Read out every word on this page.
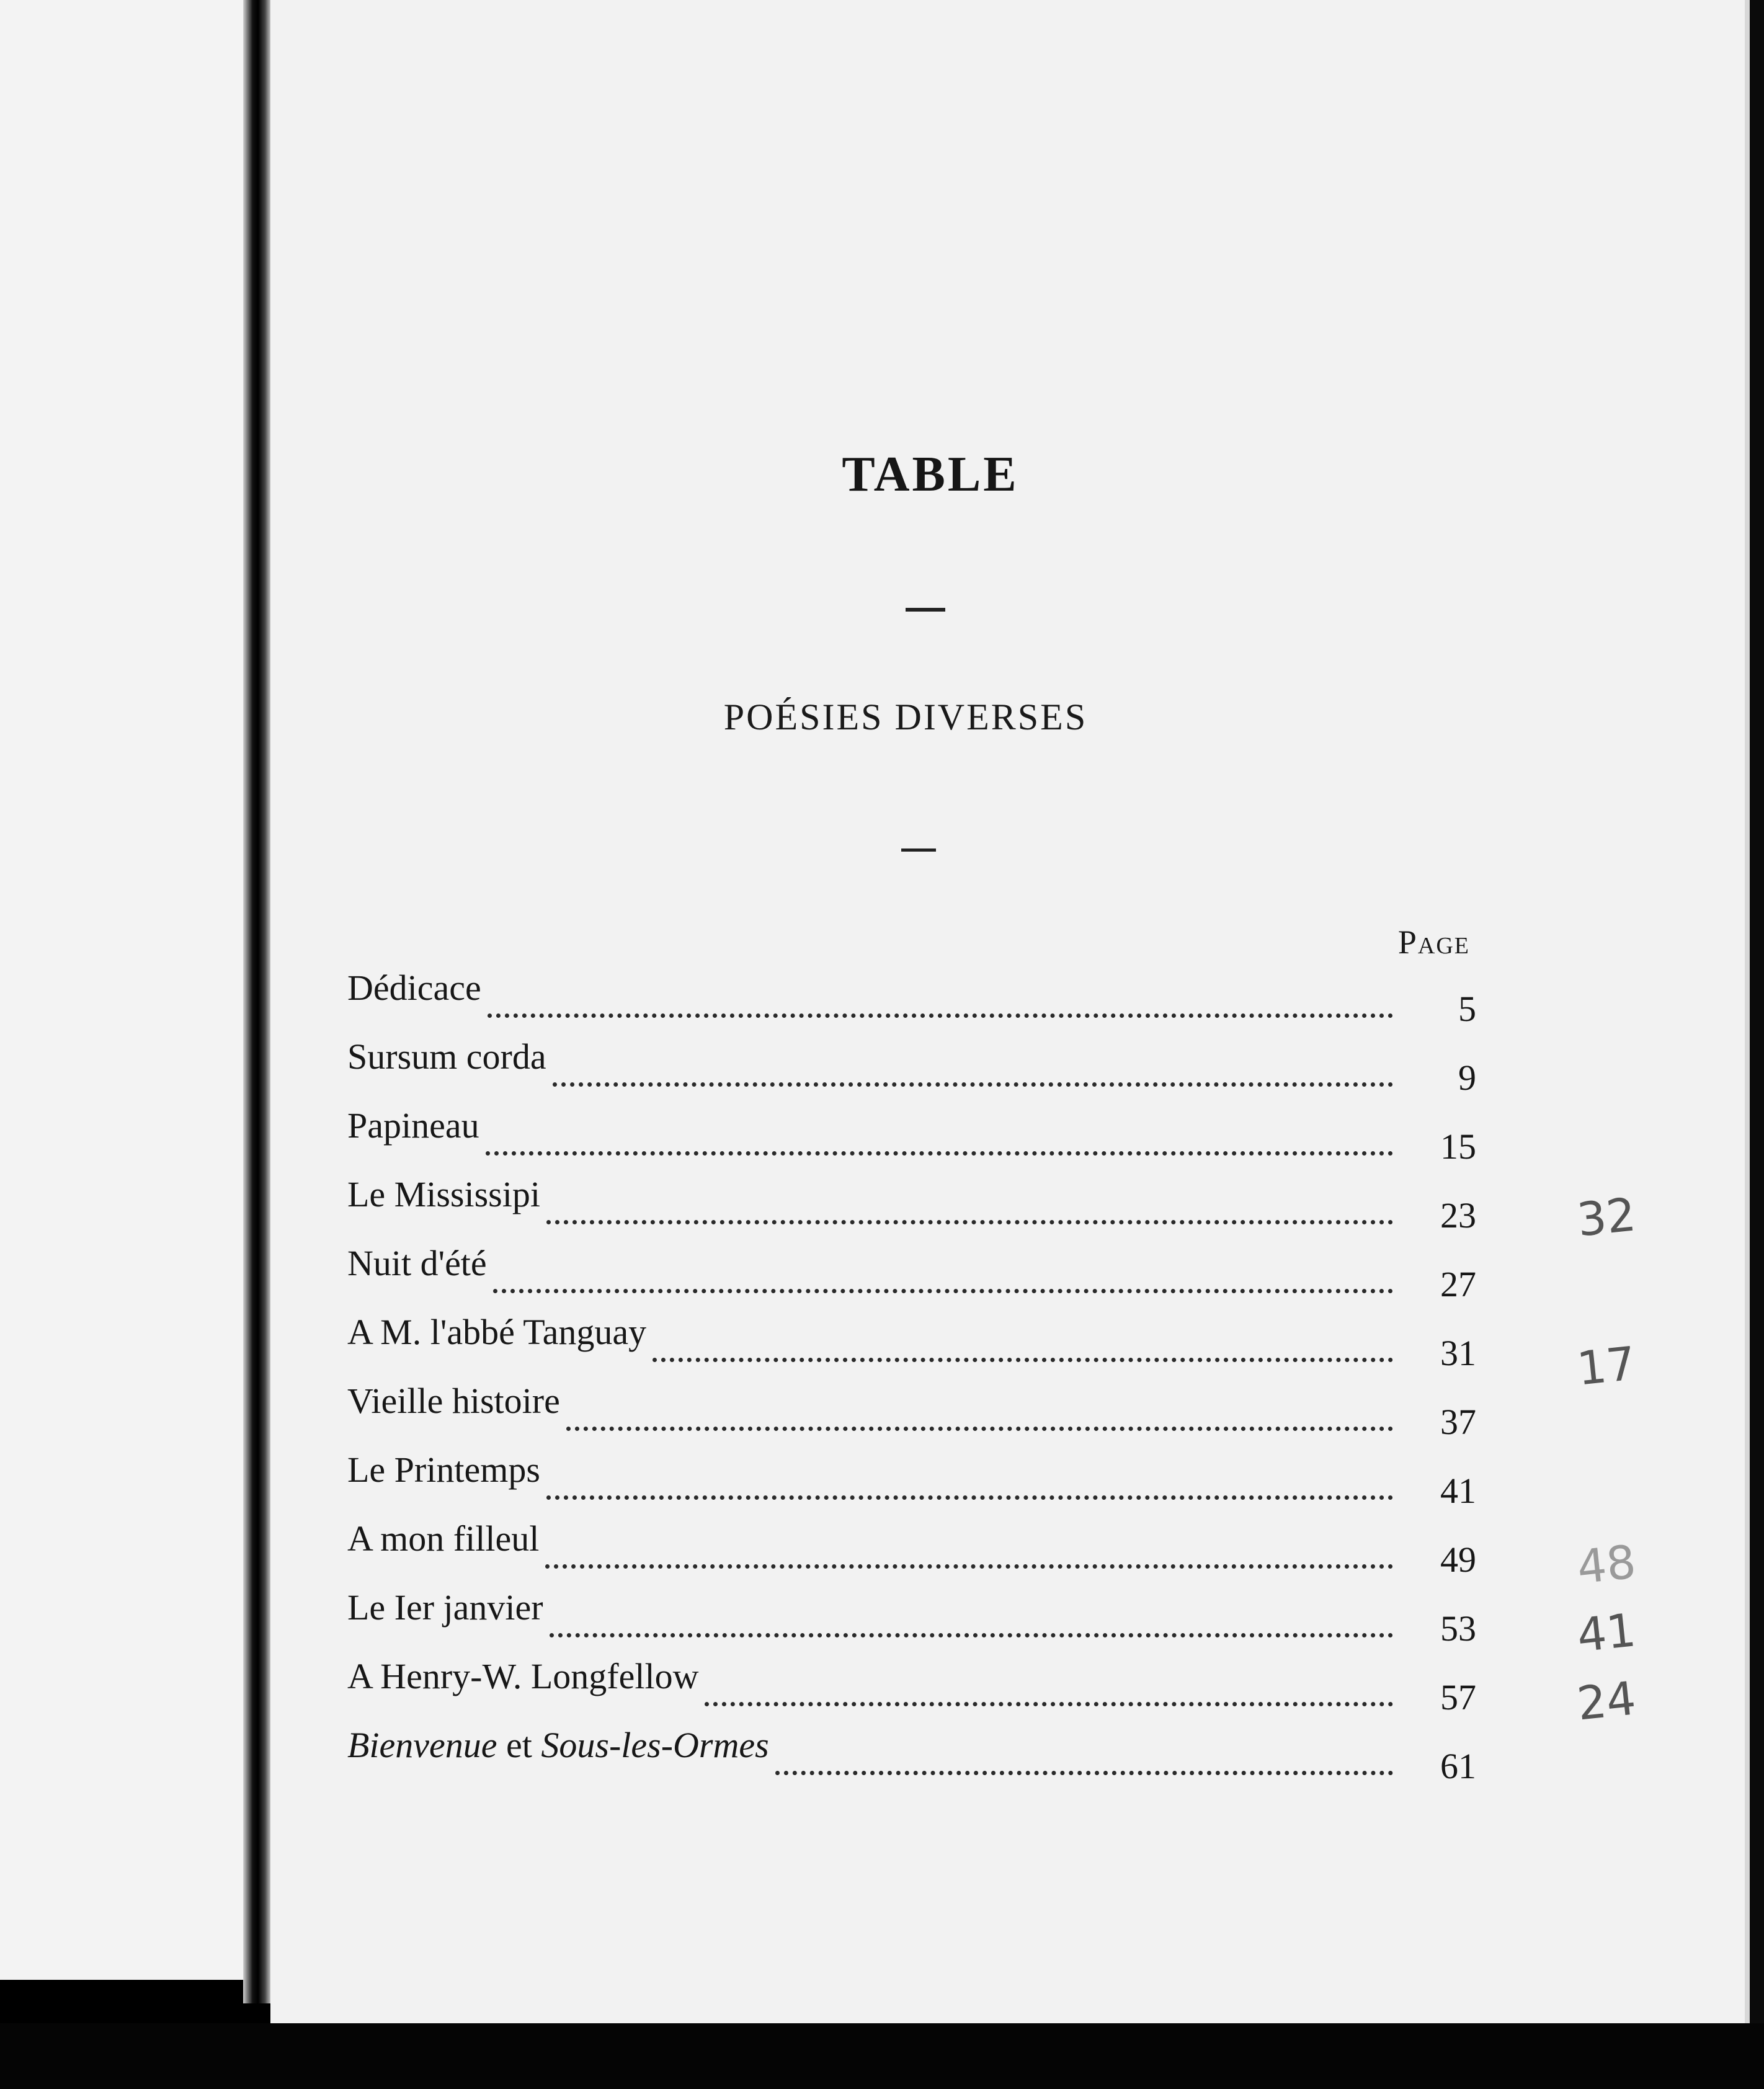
TABLE
POÉSIES DIVERSES
Page
Dédicace
5
Sursum corda
9
Papineau
15
Le Mississipi
23
Nuit d'été
27
A M. l'abbé Tanguay
31
Vieille histoire
37
Le Printemps
41
A mon filleul
49
Le Ier janvier
53
A Henry-W. Longfellow
57
Bienvenue et Sous-les-Ormes
61
32
17
48
41
24
